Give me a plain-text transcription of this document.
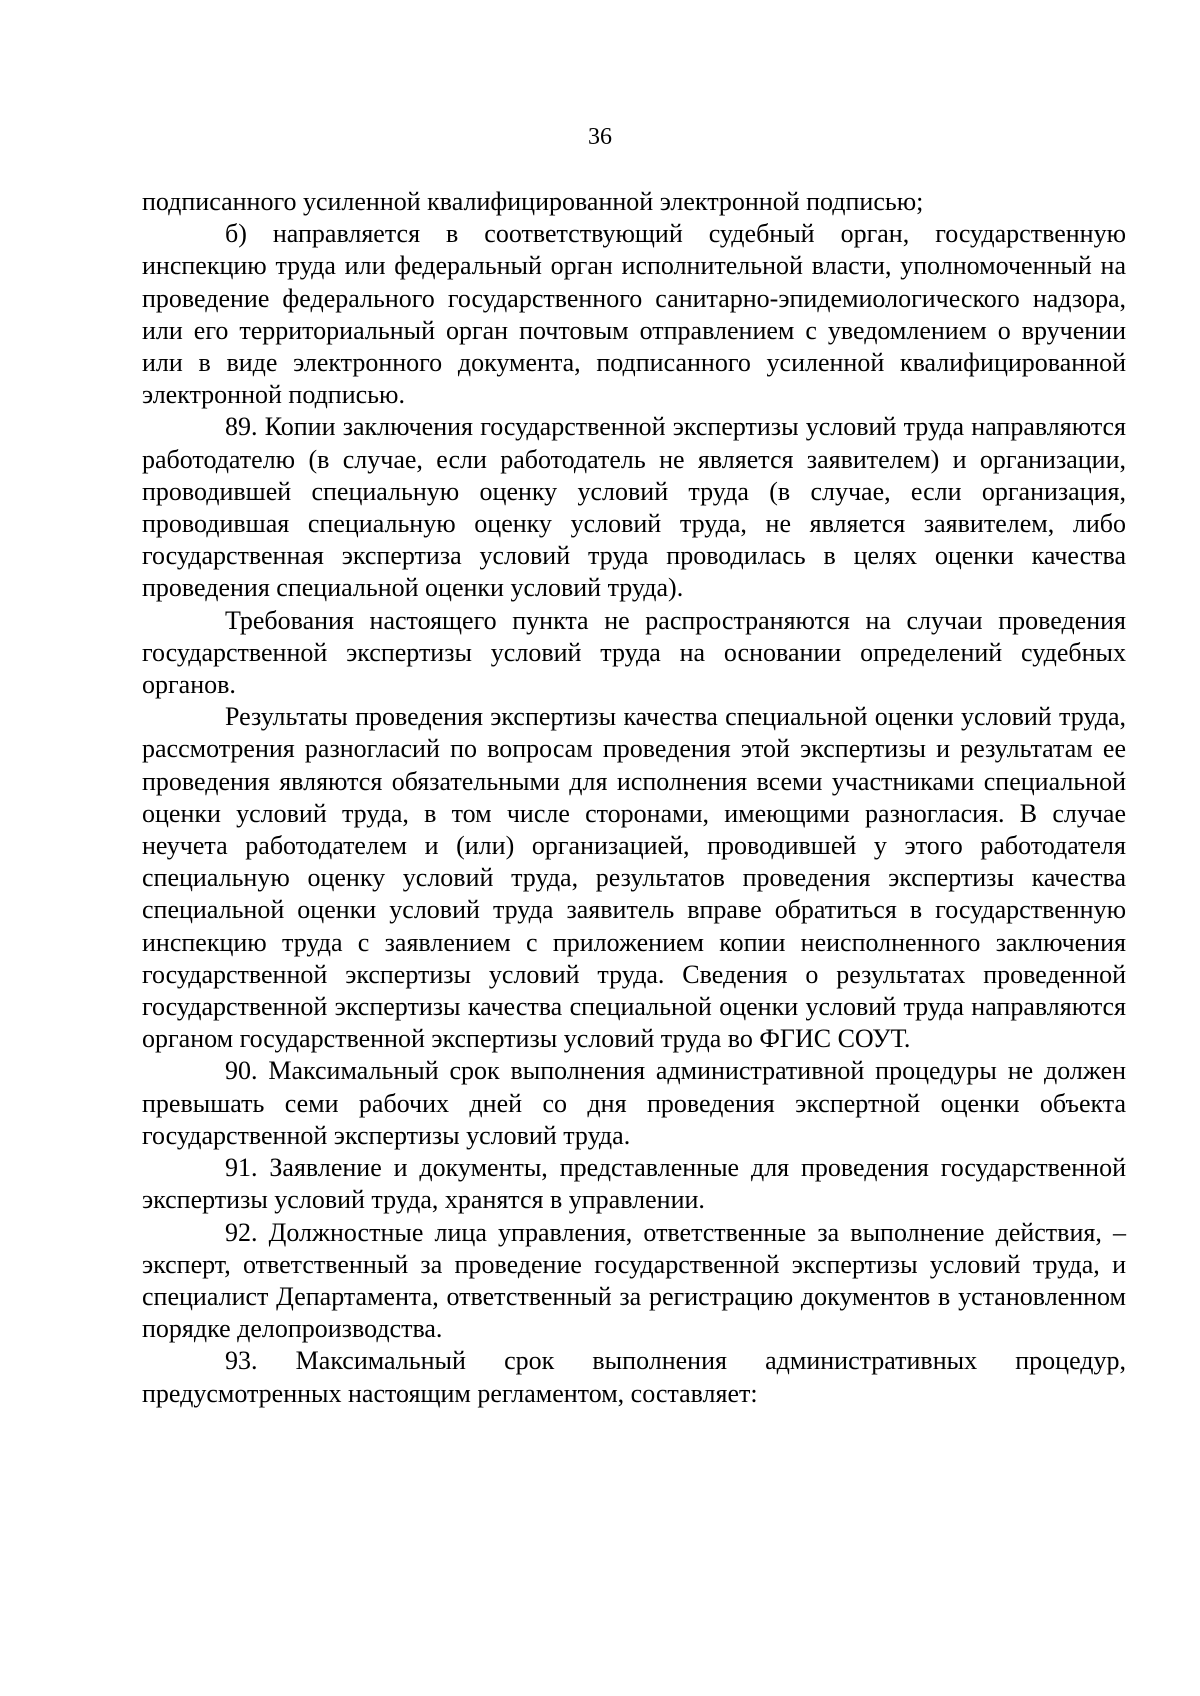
36

подписанного усиленной квалифицированной электронной подписью;

б) направляется в соответствующий судебный орган, государственную инспекцию труда или федеральный орган исполнительной власти, уполномоченный на проведение федерального государственного санитарно-эпидемиологического надзора, или его территориальный орган почтовым отправлением с уведомлением о вручении или в виде электронного документа, подписанного усиленной квалифицированной электронной подписью.

89. Копии заключения государственной экспертизы условий труда направляются работодателю (в случае, если работодатель не является заявителем) и организации, проводившей специальную оценку условий труда (в случае, если организация, проводившая специальную оценку условий труда, не является заявителем, либо государственная экспертиза условий труда проводилась в целях оценки качества проведения специальной оценки условий труда).

Требования настоящего пункта не распространяются на случаи проведения государственной экспертизы условий труда на основании определений судебных органов.

Результаты проведения экспертизы качества специальной оценки условий труда, рассмотрения разногласий по вопросам проведения этой экспертизы и результатам ее проведения являются обязательными для исполнения всеми участниками специальной оценки условий труда, в том числе сторонами, имеющими разногласия. В случае неучета работодателем и (или) организацией, проводившей у этого работодателя специальную оценку условий труда, результатов проведения экспертизы качества специальной оценки условий труда заявитель вправе обратиться в государственную инспекцию труда с заявлением с приложением копии неисполненного заключения государственной экспертизы условий труда. Сведения о результатах проведенной государственной экспертизы качества специальной оценки условий труда направляются органом государственной экспертизы условий труда во ФГИС СОУТ.

90. Максимальный срок выполнения административной процедуры не должен превышать семи рабочих дней со дня проведения экспертной оценки объекта государственной экспертизы условий труда.

91. Заявление и документы, представленные для проведения государственной экспертизы условий труда, хранятся в управлении.

92. Должностные лица управления, ответственные за выполнение действия, – эксперт, ответственный за проведение государственной экспертизы условий труда, и специалист Департамента, ответственный за регистрацию документов в установленном порядке делопроизводства.

93. Максимальный срок выполнения административных процедур, предусмотренных настоящим регламентом, составляет:
